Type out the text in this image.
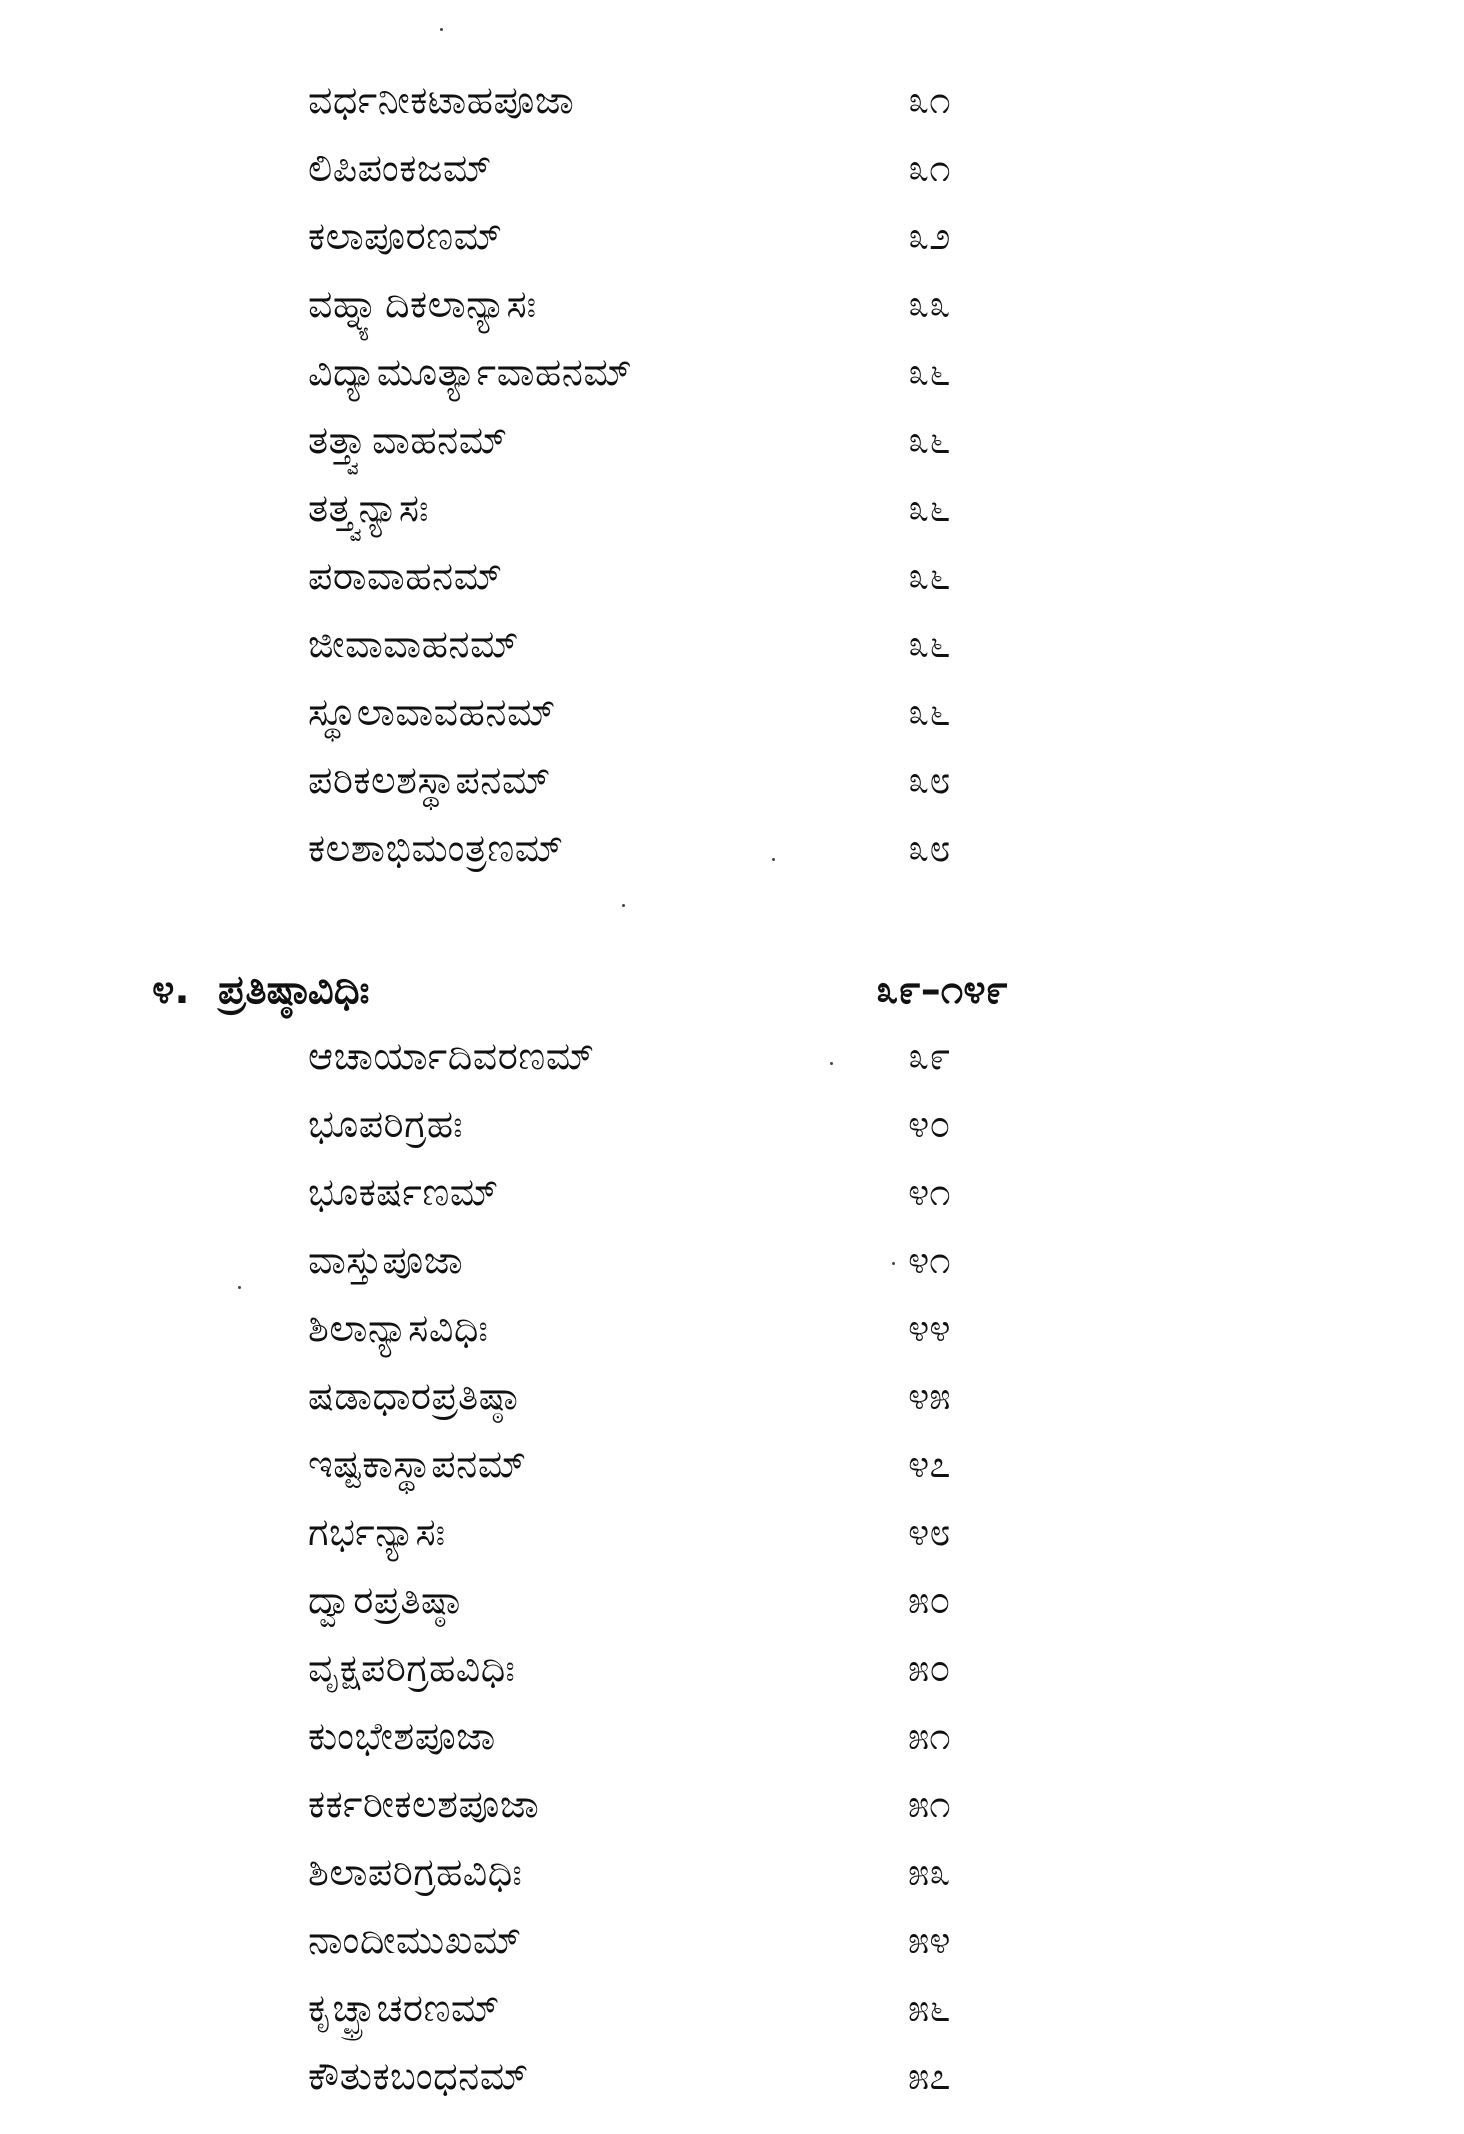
ವರ್ಧನೀಕಟಾಹಪೂಜಾ	೩೧
ಲಿಪಿಪಂಕಜಮ್	೩೧
ಕಲಾಪೂರಣಮ್	೩೨
ವಹ್ನ್ಯಾದಿಕಲಾನ್ಯಾಸಃ	೩೩
ವಿದ್ಯಾಮೂರ್ತ್ಯಾವಾಹನಮ್	೩೬
ತತ್ತ್ವಾವಾಹನಮ್	೩೬
ತತ್ತ್ವನ್ಯಾಸಃ	೩೬
ಪರಾವಾಹನಮ್	೩೬
ಜೀವಾವಾಹನಮ್	೩೬
ಸ್ಥೂಲಾವಾವಹನಮ್	೩೬
ಪರಿಕಲಶಸ್ಥಾಪನಮ್	೩೮
ಕಲಶಾಭಿಮಂತ್ರಣಮ್	೩೮
೪. ಪ್ರತಿಷ್ಠಾವಿಧಿಃ	೩೯–೧೪೯
ಆಚಾರ್ಯಾದಿವರಣಮ್	೩೯
ಭೂಪರಿಗ್ರಹಃ	೪೦
ಭೂಕರ್ಷಣಮ್	೪೧
ವಾಸ್ತುಪೂಜಾ	೪೧
ಶಿಲಾನ್ಯಾಸವಿಧಿಃ	೪೪
ಷಡಾಧಾರಪ್ರತಿಷ್ಠಾ	೪೫
ಇಷ್ಟಕಾಸ್ಥಾಪನಮ್	೪೭
ಗರ್ಭನ್ಯಾಸಃ	೪೮
ದ್ವಾರಪ್ರತಿಷ್ಠಾ	೫೦
ವೃಕ್ಷಪರಿಗ್ರಹವಿಧಿಃ	೫೦
ಕುಂಭೇಶಪೂಜಾ	೫೧
ಕರ್ಕರೀಕಲಶಪೂಜಾ	೫೧
ಶಿಲಾಪರಿಗ್ರಹವಿಧಿಃ	೫೩
ನಾಂದೀಮುಖಮ್	೫೪
ಕೃಚ್ಛ್ರಾಚರಣಮ್	೫೬
ಕೌತುಕಬಂಧನಮ್	೫೭
